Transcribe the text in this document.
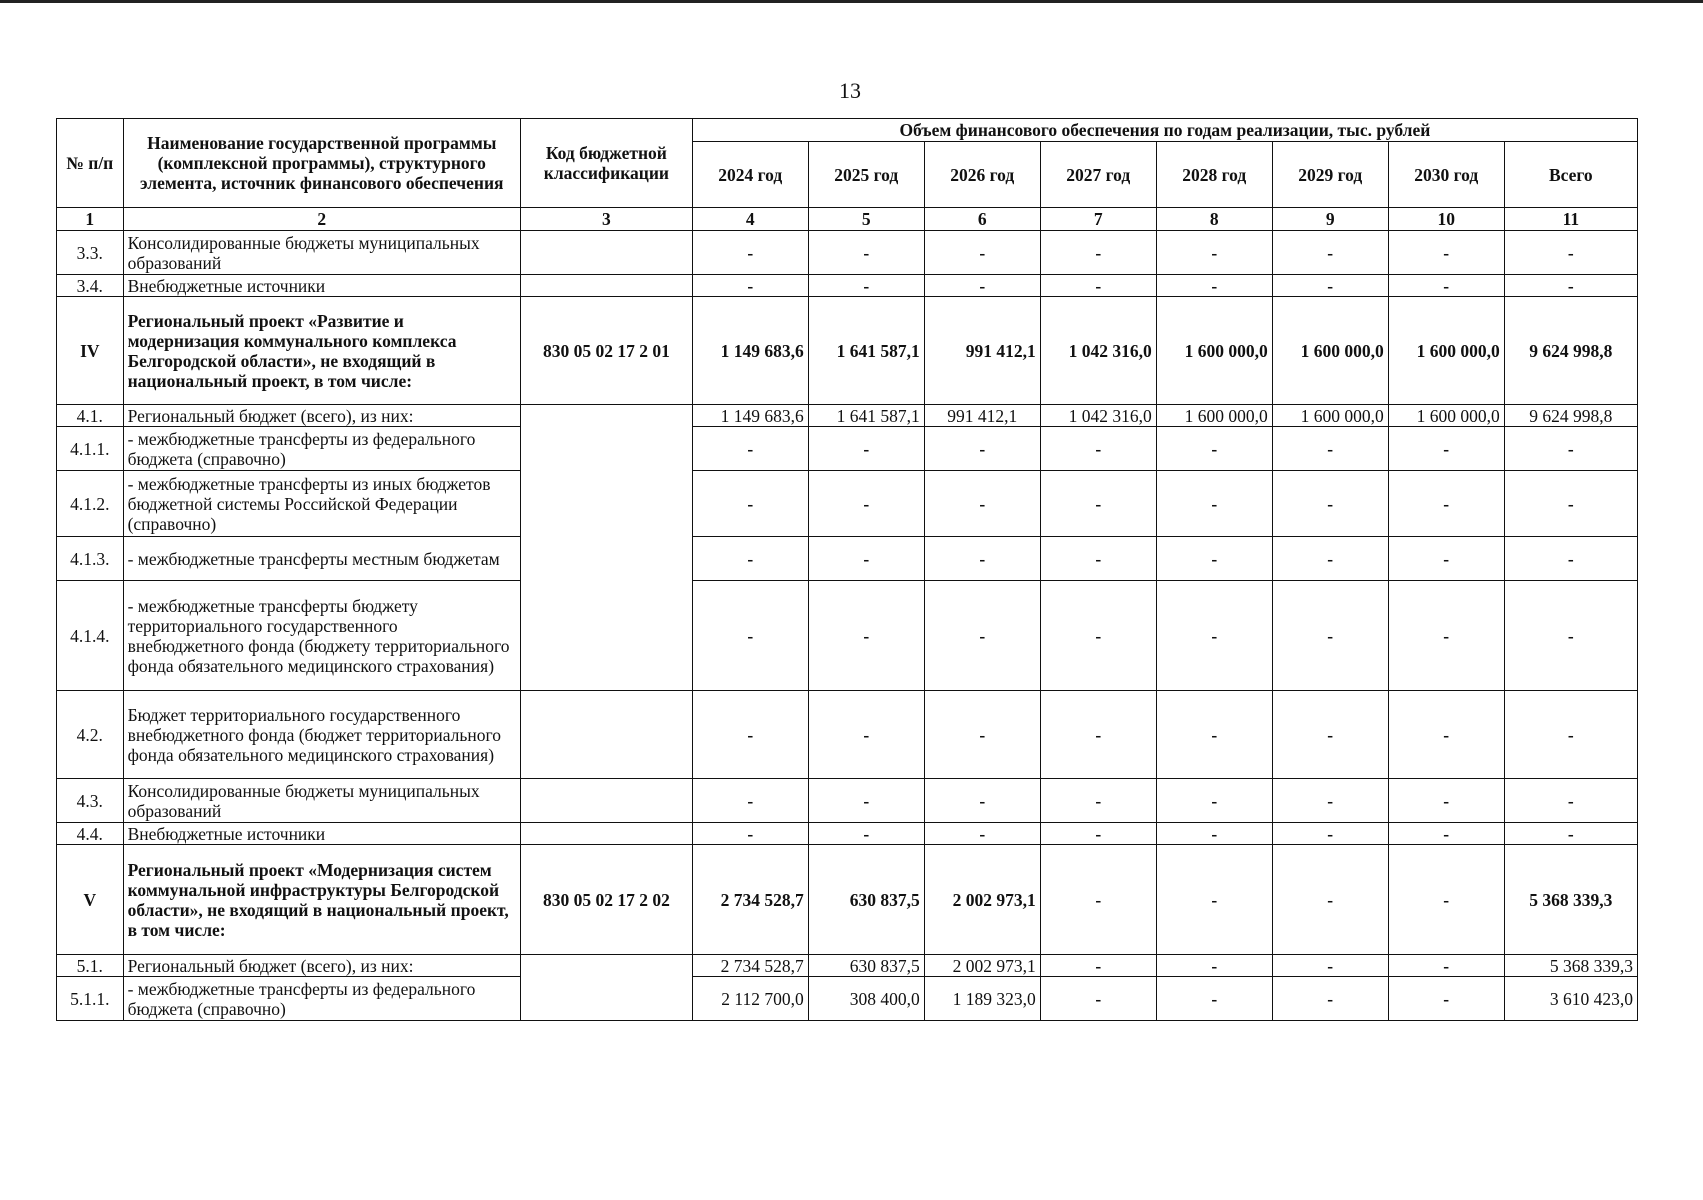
13
№ п/п	Наименование государственной программы (комплексной программы), структурного элемента, источник финансового обеспечения	Код бюджетной классификации	Объем финансового обеспечения по годам реализации, тыс. рублей							
			2024 год	2025 год	2026 год	2027 год	2028 год	2029 год	2030 год	Всего
1	2	3	4	5	6	7	8	9	10	11
3.3.	Консолидированные бюджеты муниципальных образований		-	-	-	-	-	-	-	-
3.4.	Внебюджетные источники		-	-	-	-	-	-	-	-
IV	Региональный проект «Развитие и модернизация коммунального комплекса Белгородской области», не входящий в национальный проект, в том числе:	830 05 02 17 2 01	1 149 683,6	1 641 587,1	991 412,1	1 042 316,0	1 600 000,0	1 600 000,0	1 600 000,0	9 624 998,8
4.1.	Региональный бюджет (всего), из них:		1 149 683,6	1 641 587,1	991 412,1	1 042 316,0	1 600 000,0	1 600 000,0	1 600 000,0	9 624 998,8
4.1.1.	- межбюджетные трансферты из федерального бюджета (справочно)		-	-	-	-	-	-	-	-
4.1.2.	- межбюджетные трансферты из иных бюджетов бюджетной системы Российской Федерации (справочно)		-	-	-	-	-	-	-	-
4.1.3.	- межбюджетные трансферты местным бюджетам		-	-	-	-	-	-	-	-
4.1.4.	- межбюджетные трансферты бюджету территориального государственного внебюджетного фонда (бюджету территориального фонда обязательного медицинского страхования)		-	-	-	-	-	-	-	-
4.2.	Бюджет территориального государственного внебюджетного фонда (бюджет территориального фонда обязательного медицинского страхования)		-	-	-	-	-	-	-	-
4.3.	Консолидированные бюджеты муниципальных образований		-	-	-	-	-	-	-	-
4.4.	Внебюджетные источники		-	-	-	-	-	-	-	-
V	Региональный проект «Модернизация систем коммунальной инфраструктуры Белгородской области», не входящий в национальный проект, в том числе:	830 05 02 17 2 02	2 734 528,7	630 837,5	2 002 973,1	-	-	-	-	5 368 339,3
5.1.	Региональный бюджет (всего), из них:		2 734 528,7	630 837,5	2 002 973,1	-	-	-	-	5 368 339,3
5.1.1.	- межбюджетные трансферты из федерального бюджета (справочно)		2 112 700,0	308 400,0	1 189 323,0	-	-	-	-	3 610 423,0
